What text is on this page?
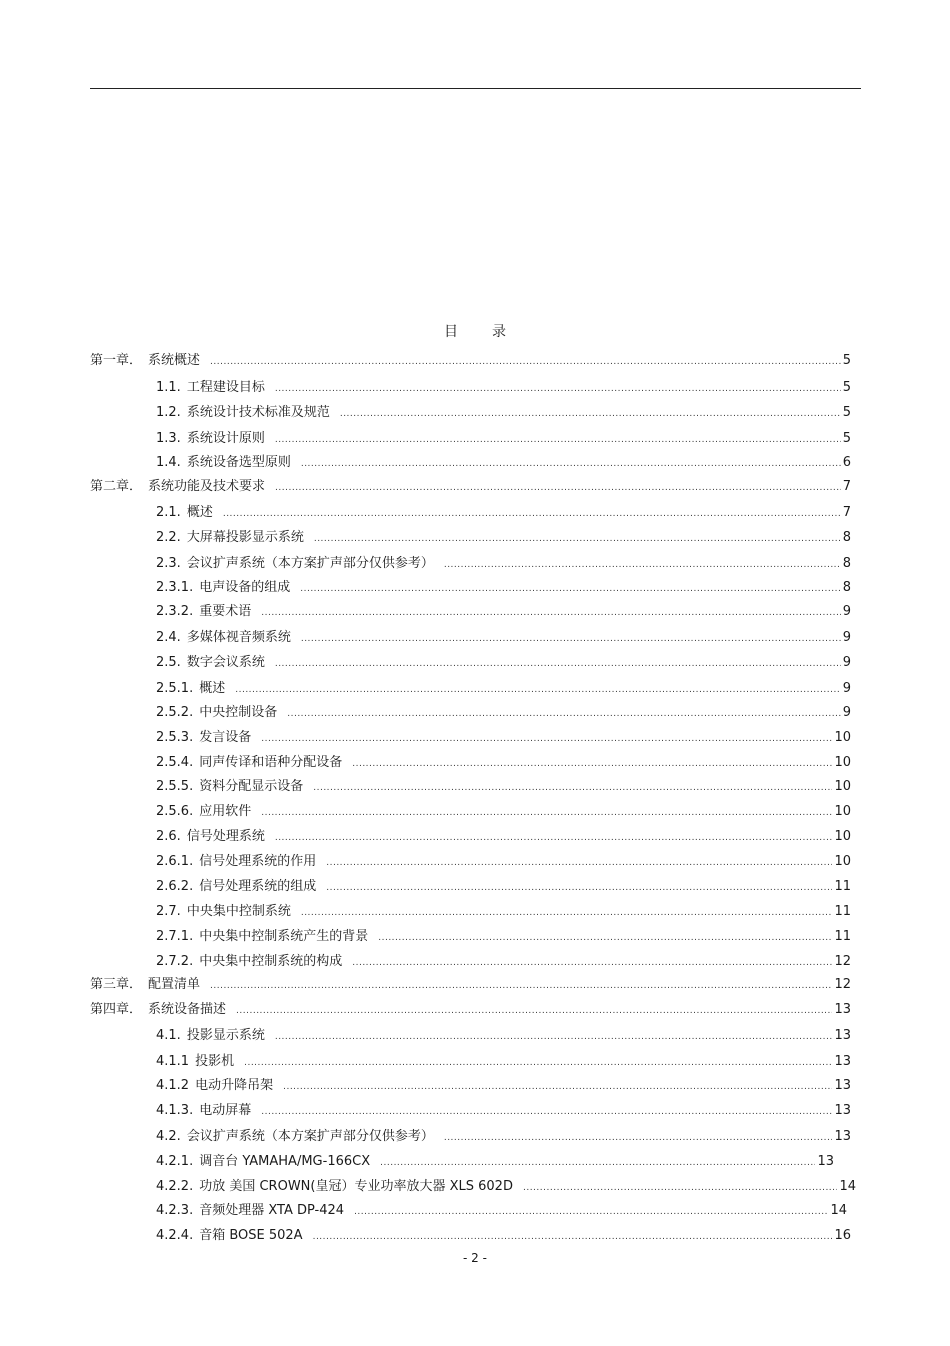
目 录
第一章． 系统概述 .....	5
1.1. 工程建设目标 .....	5
1.2. 系统设计技术标准及规范 .....	5
1.3. 系统设计原则 .....	5
1.4. 系统设备选型原则 .....	6
第二章． 系统功能及技术要求 .....	7
2.1. 概述 .....	7
2.2. 大屏幕投影显示系统 .....	8
2.3. 会议扩声系统（本方案扩声部分仅供参考） .....	8
2.3.1. 电声设备的组成 .....	8
2.3.2. 重要术语 .....	9
2.4. 多媒体视音频系统 .....	9
2.5. 数字会议系统 .....	9
2.5.1. 概述 .....	9
2.5.2. 中央控制设备 .....	9
2.5.3. 发言设备 .....	10
2.5.4. 同声传译和语种分配设备 .....	10
2.5.5. 资料分配显示设备 .....	10
2.5.6. 应用软件 .....	10
2.6. 信号处理系统 .....	10
2.6.1. 信号处理系统的作用 .....	10
2.6.2. 信号处理系统的组成 .....	11
2.7. 中央集中控制系统 .....	11
2.7.1. 中央集中控制系统产生的背景 .....	11
2.7.2. 中央集中控制系统的构成 .....	12
第三章． 配置清单 .....	12
第四章． 系统设备描述 .....	13
4.1. 投影显示系统 .....	13
4.1.1 投影机 .....	13
4.1.2 电动升降吊架 .....	13
4.1.3. 电动屏幕 .....	13
4.2. 会议扩声系统（本方案扩声部分仅供参考） .....	13
4.2.1. 调音台 YAMAHA/MG-166CX .....	13
4.2.2. 功放 美国 CROWN(皇冠）专业功率放大器 XLS 602D .....	14
4.2.3. 音频处理器 XTA DP-424 .....	14
4.2.4. 音箱 BOSE 502A .....	16
- 2 -
